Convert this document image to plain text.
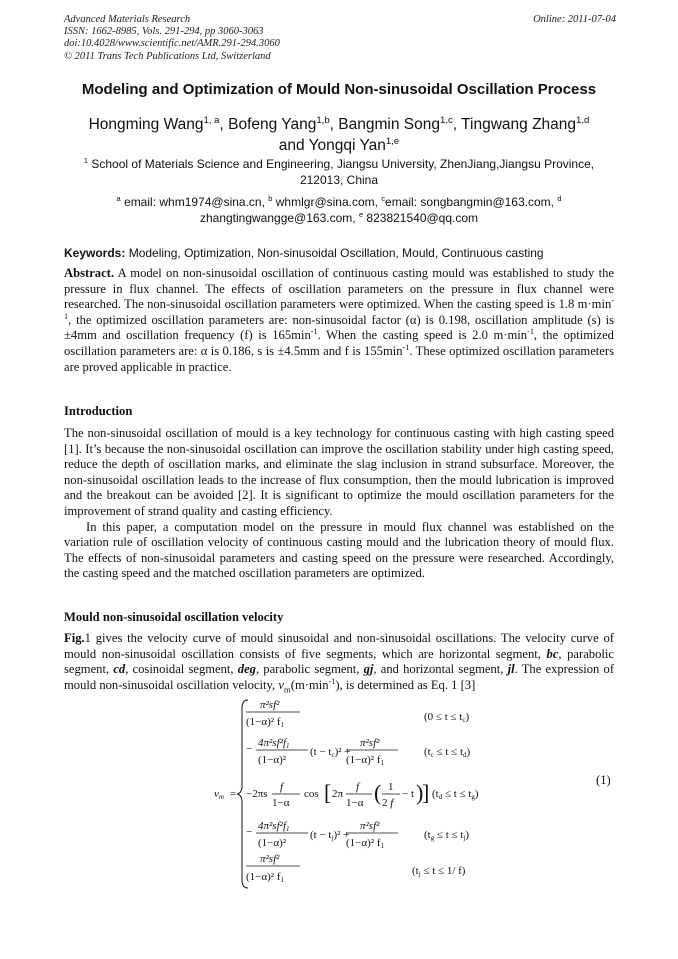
Advanced Materials Research
ISSN: 1662-8985, Vols. 291-294, pp 3060-3063
doi:10.4028/www.scientific.net/AMR.291-294.3060
© 2011 Trans Tech Publications Ltd, Switzerland
Online: 2011-07-04
Modeling and Optimization of Mould Non-sinusoidal Oscillation Process
Hongming Wang$^{1, a}$, Bofeng Yang$^{1,b}$, Bangmin Song$^{1,c}$, Tingwang Zhang$^{1,d}$
and Yongqi Yan$^{1,e}$
$^1$ School of Materials Science and Engineering, Jiangsu University, ZhenJiang,Jiangsu Province,
212013, China
$^a$ email: whm1974@sina.cn, $^b$ whmlgr@sina.com, $^c$email: songbangmin@163.com, $^d$
zhangtingwangge@163.com, $^e$ 823821540@qq.com
Keywords: Modeling, Optimization, Non-sinusoidal Oscillation, Mould, Continuous casting
Abstract. A model on non-sinusoidal oscillation of continuous casting mould was established to study the pressure in flux channel. The effects of oscillation parameters on the pressure in flux channel were researched. The non-sinusoidal oscillation parameters were optimized. When the casting speed is 1.8 $m\cdot\min^{-1}$, the optimized oscillation parameters are: non-sinusoidal factor (α) is 0.198, oscillation amplitude (s) is ±4mm and oscillation frequency (f) is $165\min^{-1}$. When the casting speed is 2.0 $m\cdot\min^{-1}$, the optimized oscillation parameters are: α is 0.186, s is ±4.5mm and f is $155\min^{-1}$. These optimized oscillation parameters are proved applicable in practice.
Introduction
The non-sinusoidal oscillation of mould is a key technology for continuous casting with high casting speed [1]. It’s because the non-sinusoidal oscillation can improve the oscillation stability under high casting speed, reduce the depth of oscillation marks, and eliminate the slag inclusion in strand subsurface. Moreover, the non-sinusoidal oscillation leads to the increase of flux consumption, then the mould lubrication is improved and the breakout can be avoided [2]. It is significant to optimize the mould oscillation parameters for the improvement of strand quality and casting efficiency.
In this paper, a computation model on the pressure in mould flux channel was established on the variation rule of oscillation velocity of continuous casting mould and the lubrication theory of mould flux. The effects of non-sinusoidal parameters and casting speed on the pressure were researched. Accordingly, the casting speed and the matched oscillation parameters are optimized.
Mould non-sinusoidal oscillation velocity
Fig.1 gives the velocity curve of mould sinusoidal and non-sinusoidal oscillations. The velocity curve of mould non-sinusoidal oscillation consists of five segments, which are horizontal segment, bc, parabolic segment, cd, cosinoidal segment, deg, parabolic segment, gj, and horizontal segment, jl. The expression of mould non-sinusoidal oscillation velocity, $v_m(m\cdot\min^{-1})$, is determined as Eq. 1 [3]
vm =
π²sf²
(1−α)² f1
(0 ≤ t ≤ tc)
− 4π²sf²f1
(1−α)²
(t − tc)² +
π²sf²
(1−α)² f1
(tc ≤ t ≤ td)
−2πs
f
1−α
cos [ 2π
f
1−α ( 1
2 f
− t )
] (td ≤ t ≤ tg)
− 4π²sf²f1
(1−α)²
(t − tj)² +
π²sf²
(1−α)² f1
(tg ≤ t ≤ tj)
π²sf²
(1−α)² f1
(tj ≤ t ≤ 1/ f)
(1)
